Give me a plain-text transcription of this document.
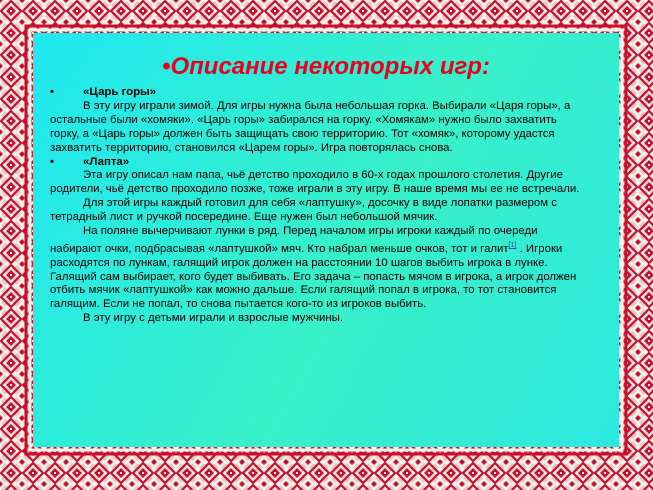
•Описание некоторых игр:
•	«Царь горы»

В эту игру играли зимой. Для игры нужна была небольшая горка. Выбирали «Царя горы», а остальные были «хомяки». «Царь горы» забирался на горку. «Хомякам» нужно было захватить горку, а «Царь горы» должен быть защищать свою территорию. Тот «хомяк», которому удастся захватить территорию, становился «Царем горы». Игра повторялась снова.

•	«Лапта»

Эта игру описал нам папа, чьё детство проходило в 60-х годах прошлого столетия. Другие родители, чьё детство проходило позже, тоже играли в эту игру. В наше время мы ее не встречали.

Для этой игры каждый готовил для себя «лаптушку», досочку в виде лопатки размером с тетрадный лист и ручкой посередине. Еще нужен был небольшой мячик.

На поляне вычерчивают лунки в ряд. Перед началом игры игроки каждый по очереди набирают очки, подбрасывая «лаптушкой» мяч. Кто набрал меньше очков, тот и галит[1] . Игроки расходятся по лункам, галящий игрок должен на расстоянии 10 шагов выбить игрока в лунке. Галящий сам выбирает, кого будет выбивать. Его задача – попасть мячом в игрока, а игрок должен отбить мячик «лаптушкой» как можно дальше. Если галящий попал в игрока, то тот становится галящим. Если не попал, то снова пытается кого-то из игроков выбить.

В эту игру с детьми играли и взрослые мужчины.
